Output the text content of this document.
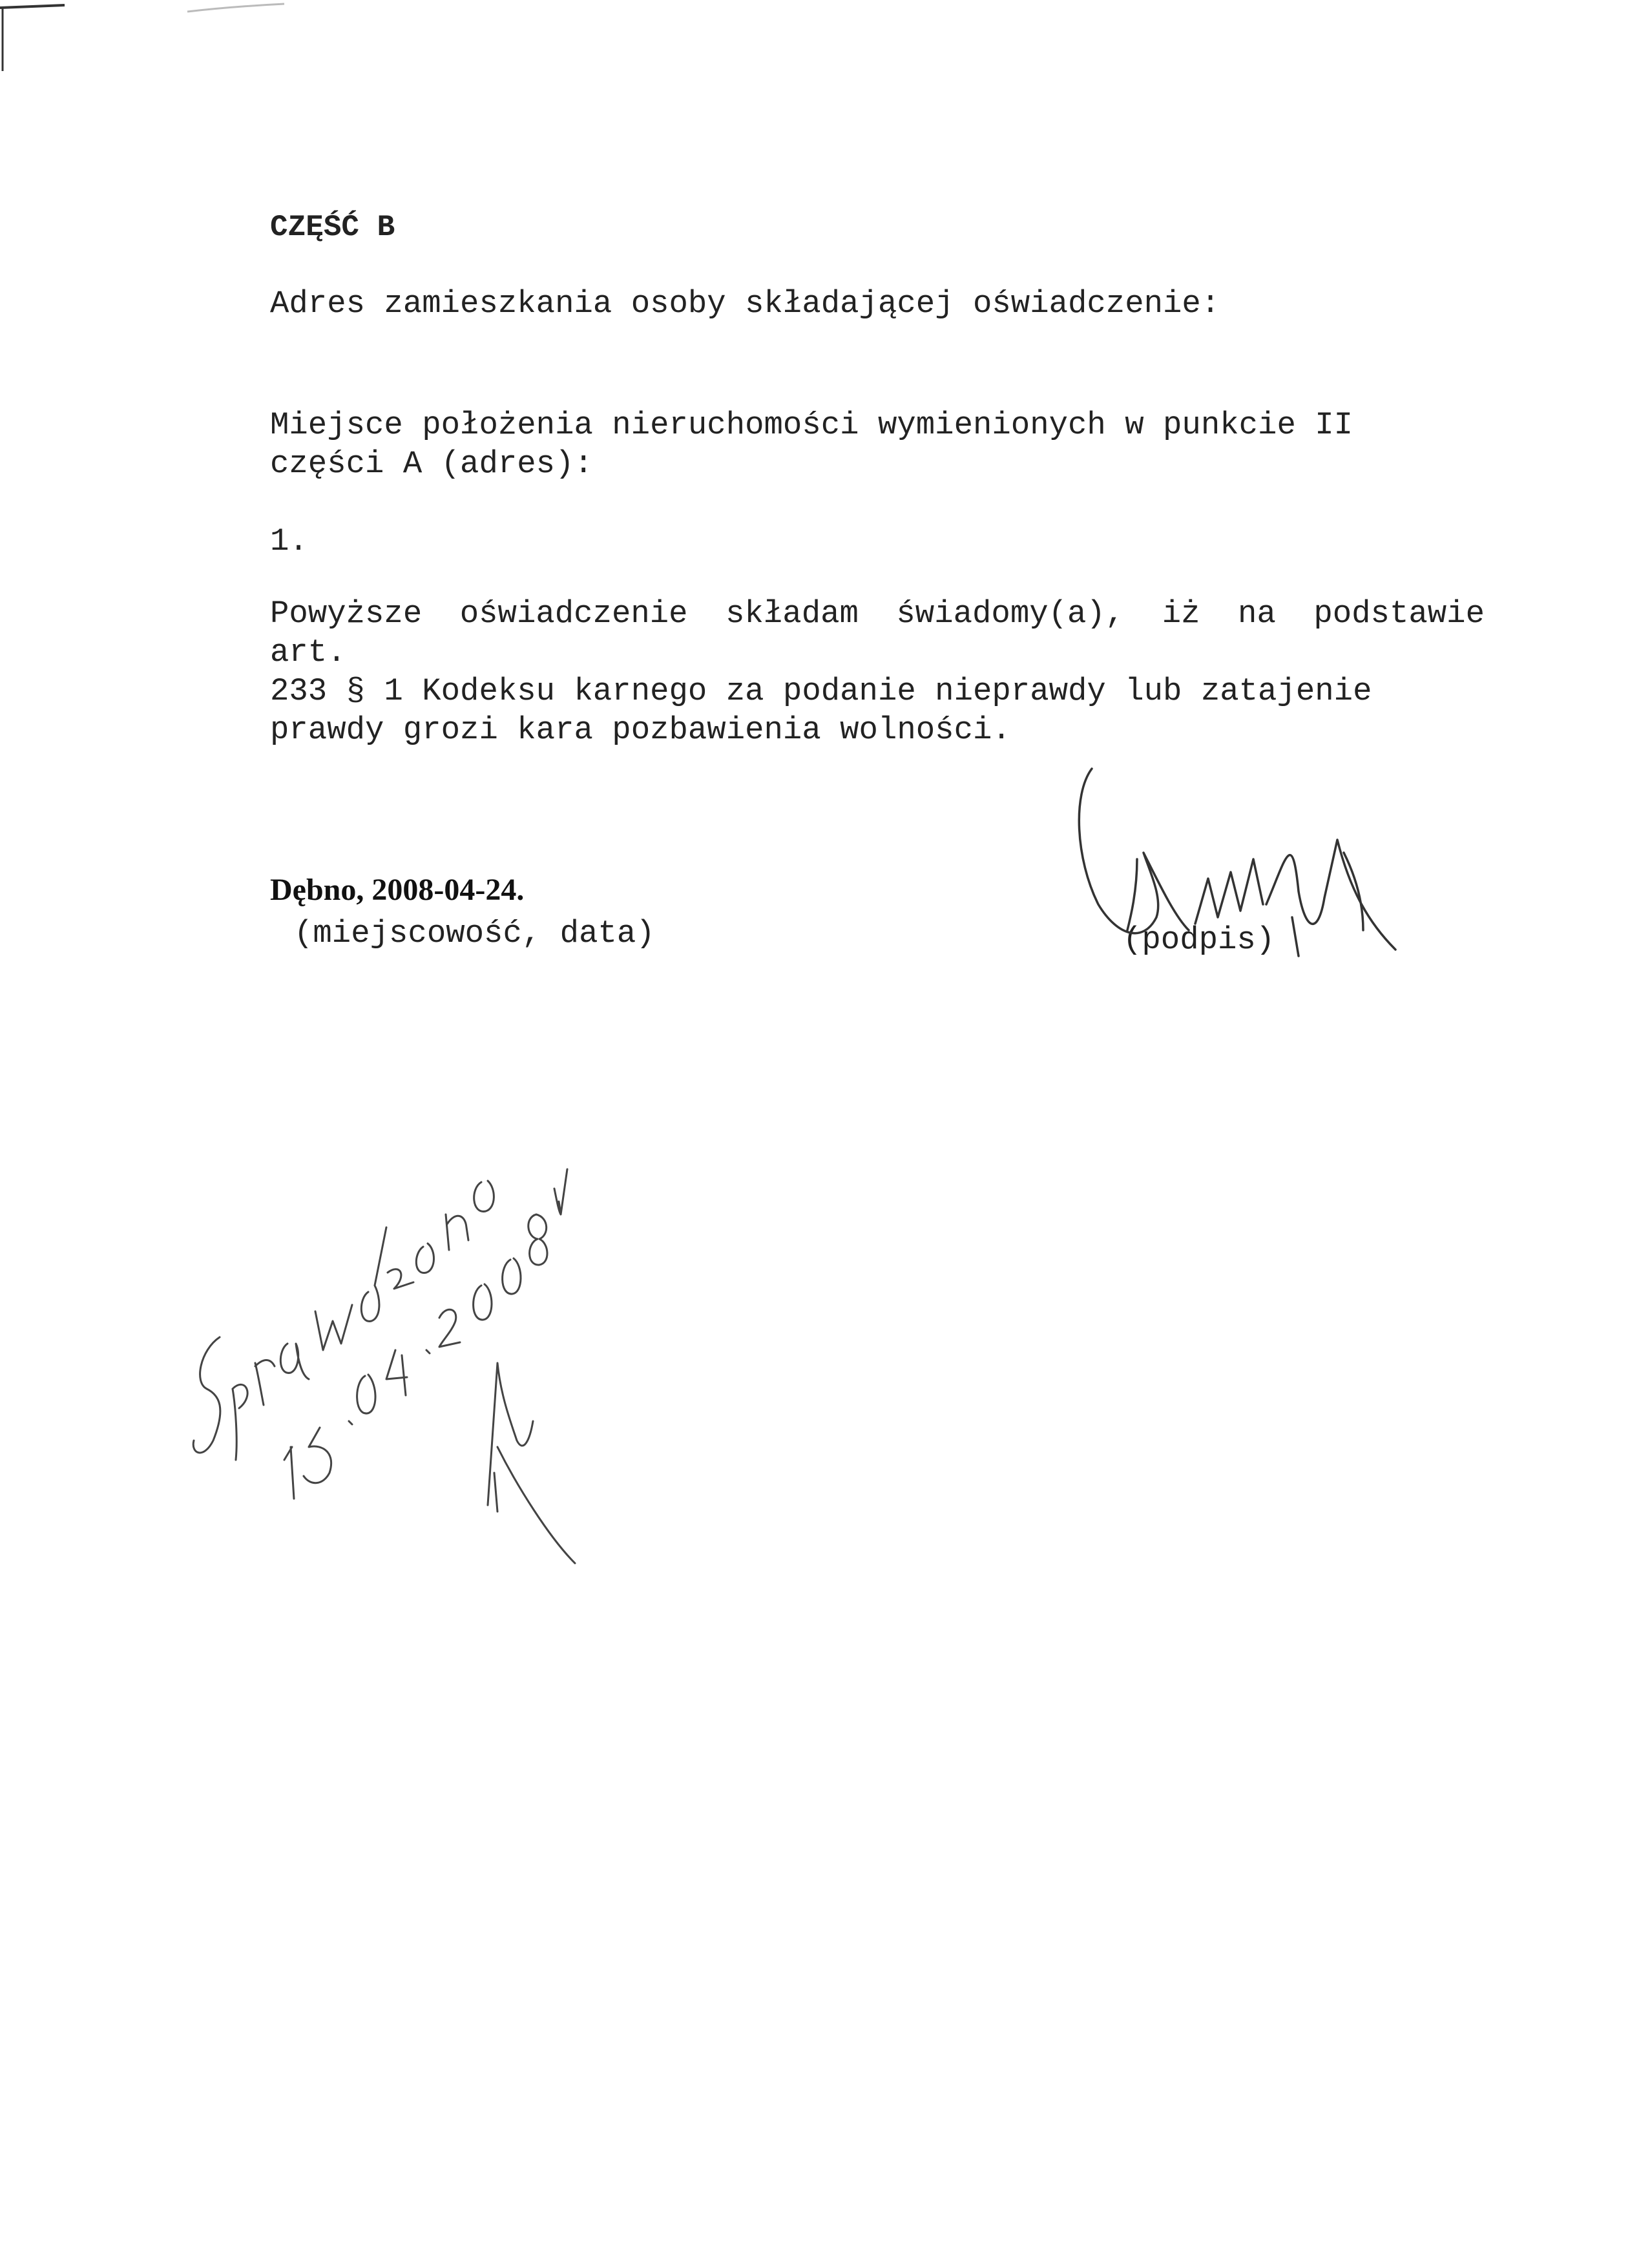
CZĘŚĆ B
Adres zamieszkania osoby składającej oświadczenie:
Miejsce położenia nieruchomości wymienionych w punkcie II
części A (adres):
1.
Powyższe oświadczenie składam świadomy(a), iż na podstawie
art.
233 § 1 Kodeksu karnego za podanie nieprawdy lub zatajenie
prawdy grozi kara pozbawienia wolności.
Dębno, 2008-04-24.
(miejscowość, data)	(podpis)
